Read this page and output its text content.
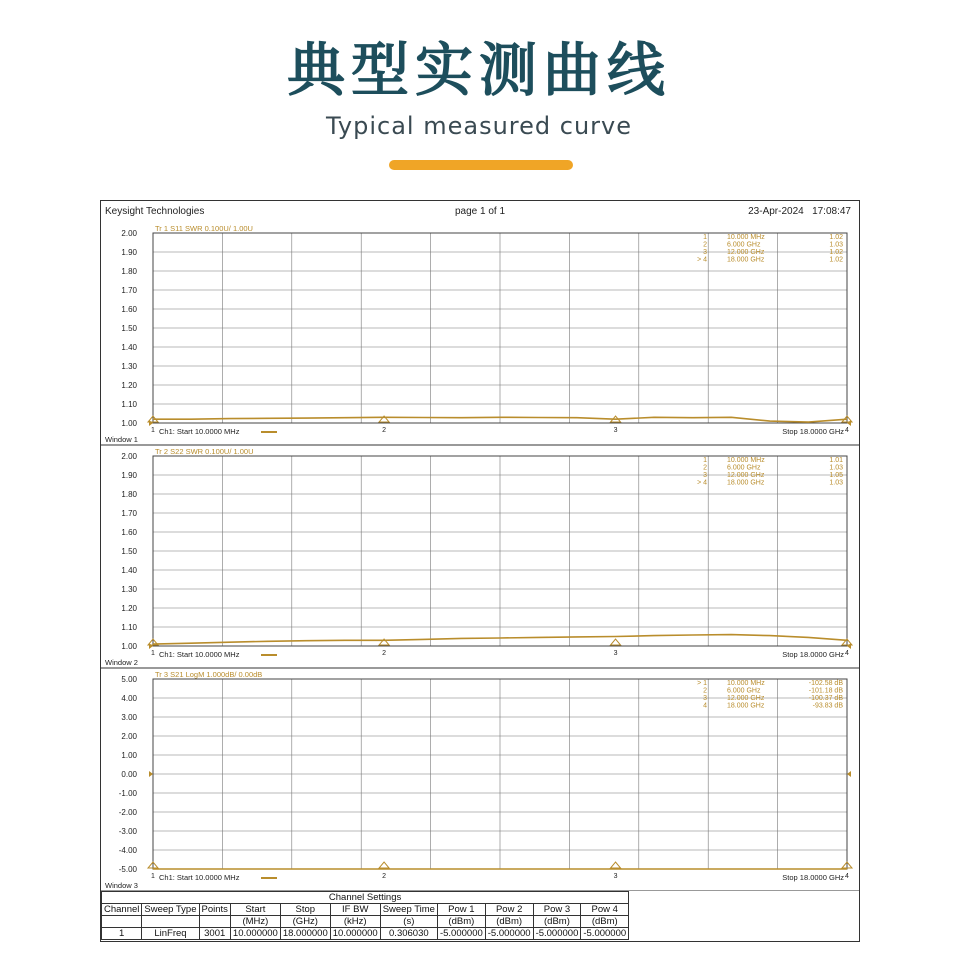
典型实测曲线
Typical measured curve
Keysight Technologies	page 1 of 1	23-Apr-2024 17:08:47
2.00
1.90
1.80
1.70
1.60
1.50
1.40
1.30
1.20
1.10
1.00
Tr 1 S11 SWR 0.100U/ 1.00U
1	10.000 MHz	1.02
2	6.000 GHz	1.03
3	12.000 GHz	1.02
> 4	18.000 GHz	1.02
Ch1: Start 10.0000 MHz	Stop 18.0000 GHz
Window 1
1	2	3	4
2.00
1.90
1.80
1.70
1.60
1.50
1.40
1.30
1.20
1.10
1.00
Tr 2 S22 SWR 0.100U/ 1.00U
1	10.000 MHz	1.01
2	6.000 GHz	1.03
3	12.000 GHz	1.05
> 4	18.000 GHz	1.03
Ch1: Start 10.0000 MHz	Stop 18.0000 GHz
Window 2
1	2	3	4
5.00
4.00
3.00
2.00
1.00
0.00
-1.00
-2.00
-3.00
-4.00
-5.00
Tr 3 S21 LogM 1.000dB/ 0.00dB
> 1	10.000 MHz	-102.58 dB
2	6.000 GHz	-101.18 dB
3	12.000 GHz	-100.37 dB
4	18.000 GHz	-93.83 dB
Ch1: Start 10.0000 MHz	Stop 18.0000 GHz
Window 3
1	2	3	4
Channel Settings										
Channel	Sweep Type	Points	Start	Stop	IF BW	Sweep Time	Pow 1	Pow 2	Pow 3	Pow 4
			(MHz)	(GHz)	(kHz)	(s)	(dBm)	(dBm)	(dBm)	(dBm)
1	LinFreq	3001	10.000000	18.000000	10.000000	0.306030	-5.000000	-5.000000	-5.000000	-5.000000
